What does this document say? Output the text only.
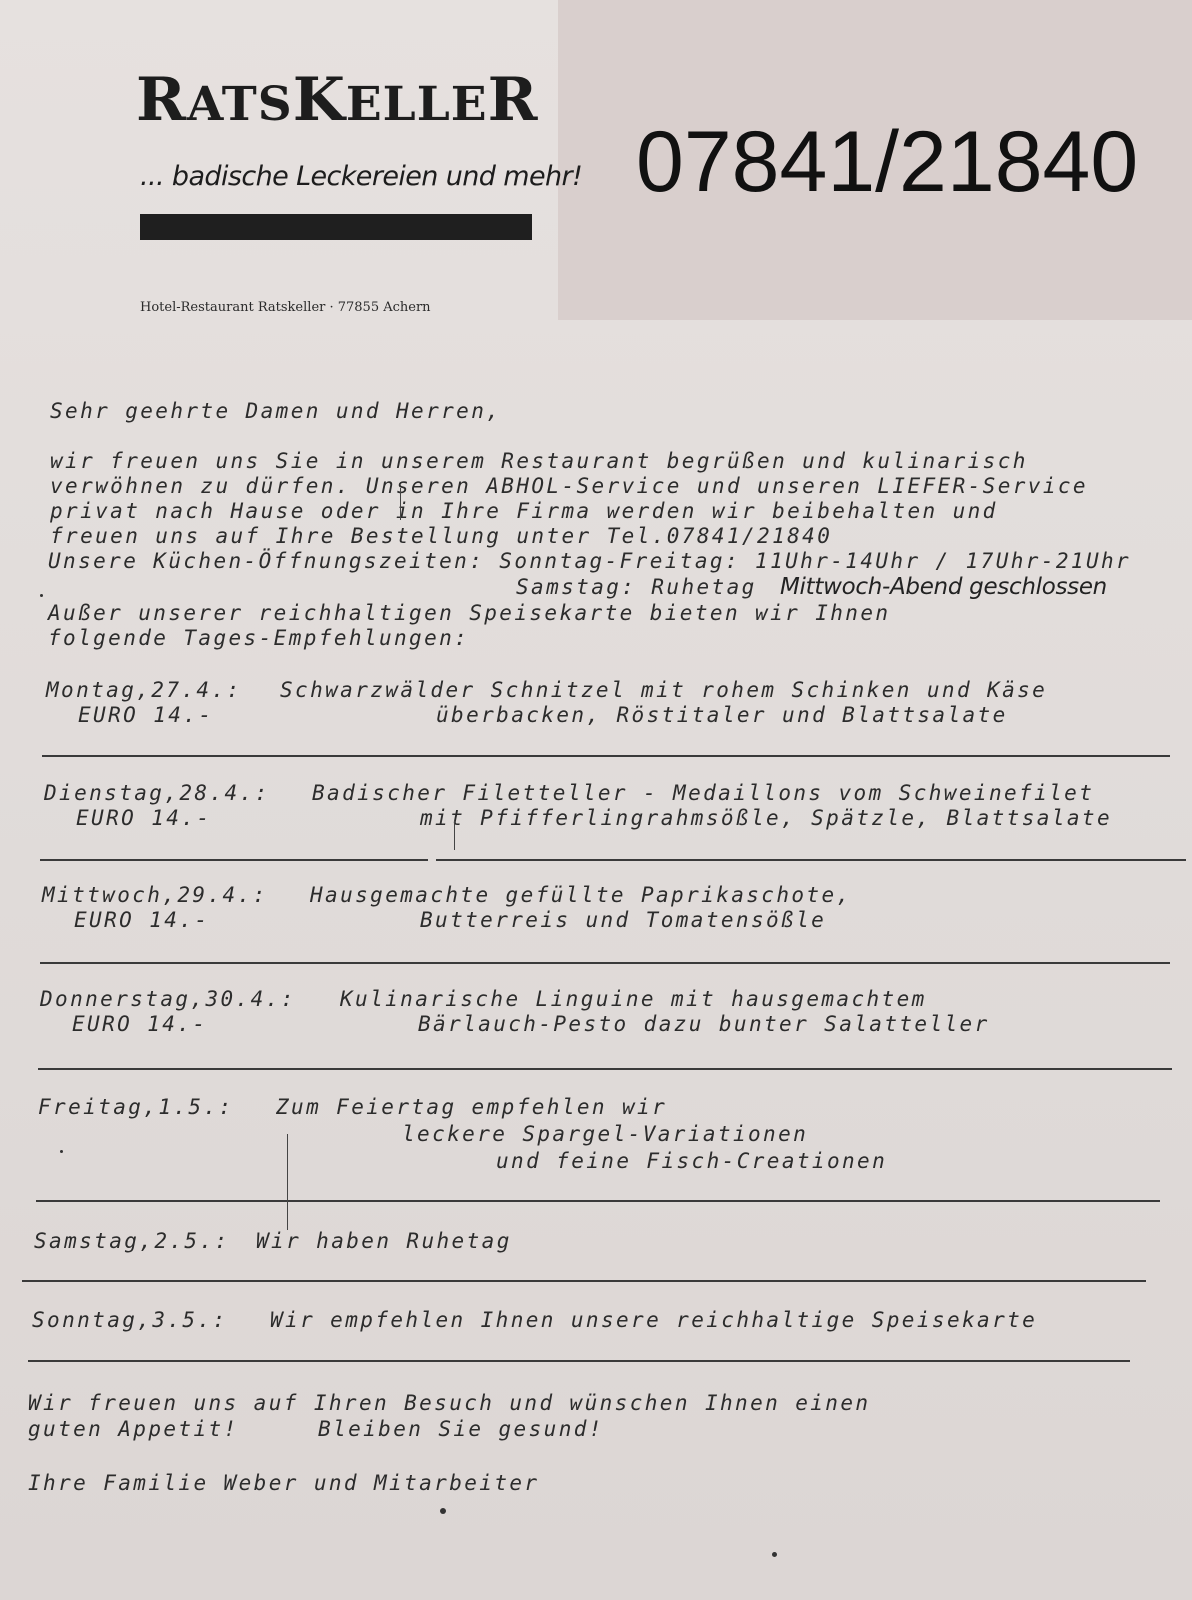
07841/21840
RATSKELLER
... badische Leckereien und mehr!
Hotel-Restaurant Ratskeller · 77855 Achern
Sehr geehrte Damen und Herren,
wir freuen uns Sie in unserem Restaurant begrüßen und kulinarisch
verwöhnen zu dürfen. Unseren ABHOL-Service und unseren LIEFER-Service
privat nach Hause oder in Ihre Firma werden wir beibehalten und
freuen uns auf Ihre Bestellung unter Tel.07841/21840
Unsere Küchen-Öffnungszeiten: Sonntag-Freitag: 11Uhr-14Uhr / 17Uhr-21Uhr
Samstag: Ruhetag Mittwoch-Abend geschlossen
Außer unserer reichhaltigen Speisekarte bieten wir Ihnen
folgende Tages-Empfehlungen:
Montag,27.4.: Schwarzwälder Schnitzel mit rohem Schinken und Käse
EURO 14.-	überbacken, Röstitaler und Blattsalate
Dienstag,28.4.: Badischer Filetteller - Medaillons vom Schweinefilet
EURO 14.-	mit Pfifferlingrahmsößle, Spätzle, Blattsalate
Mittwoch,29.4.: Hausgemachte gefüllte Paprikaschote,
EURO 14.-	Butterreis und Tomatensößle
Donnerstag,30.4.: Kulinarische Linguine mit hausgemachtem
EURO 14.-	Bärlauch-Pesto dazu bunter Salatteller
Freitag,1.5.: Zum Feiertag empfehlen wir
leckere Spargel-Variationen
und feine Fisch-Creationen
Samstag,2.5.: Wir haben Ruhetag
Sonntag,3.5.: Wir empfehlen Ihnen unsere reichhaltige Speisekarte
Wir freuen uns auf Ihren Besuch und wünschen Ihnen einen
guten Appetit!	Bleiben Sie gesund!
Ihre Familie Weber und Mitarbeiter
